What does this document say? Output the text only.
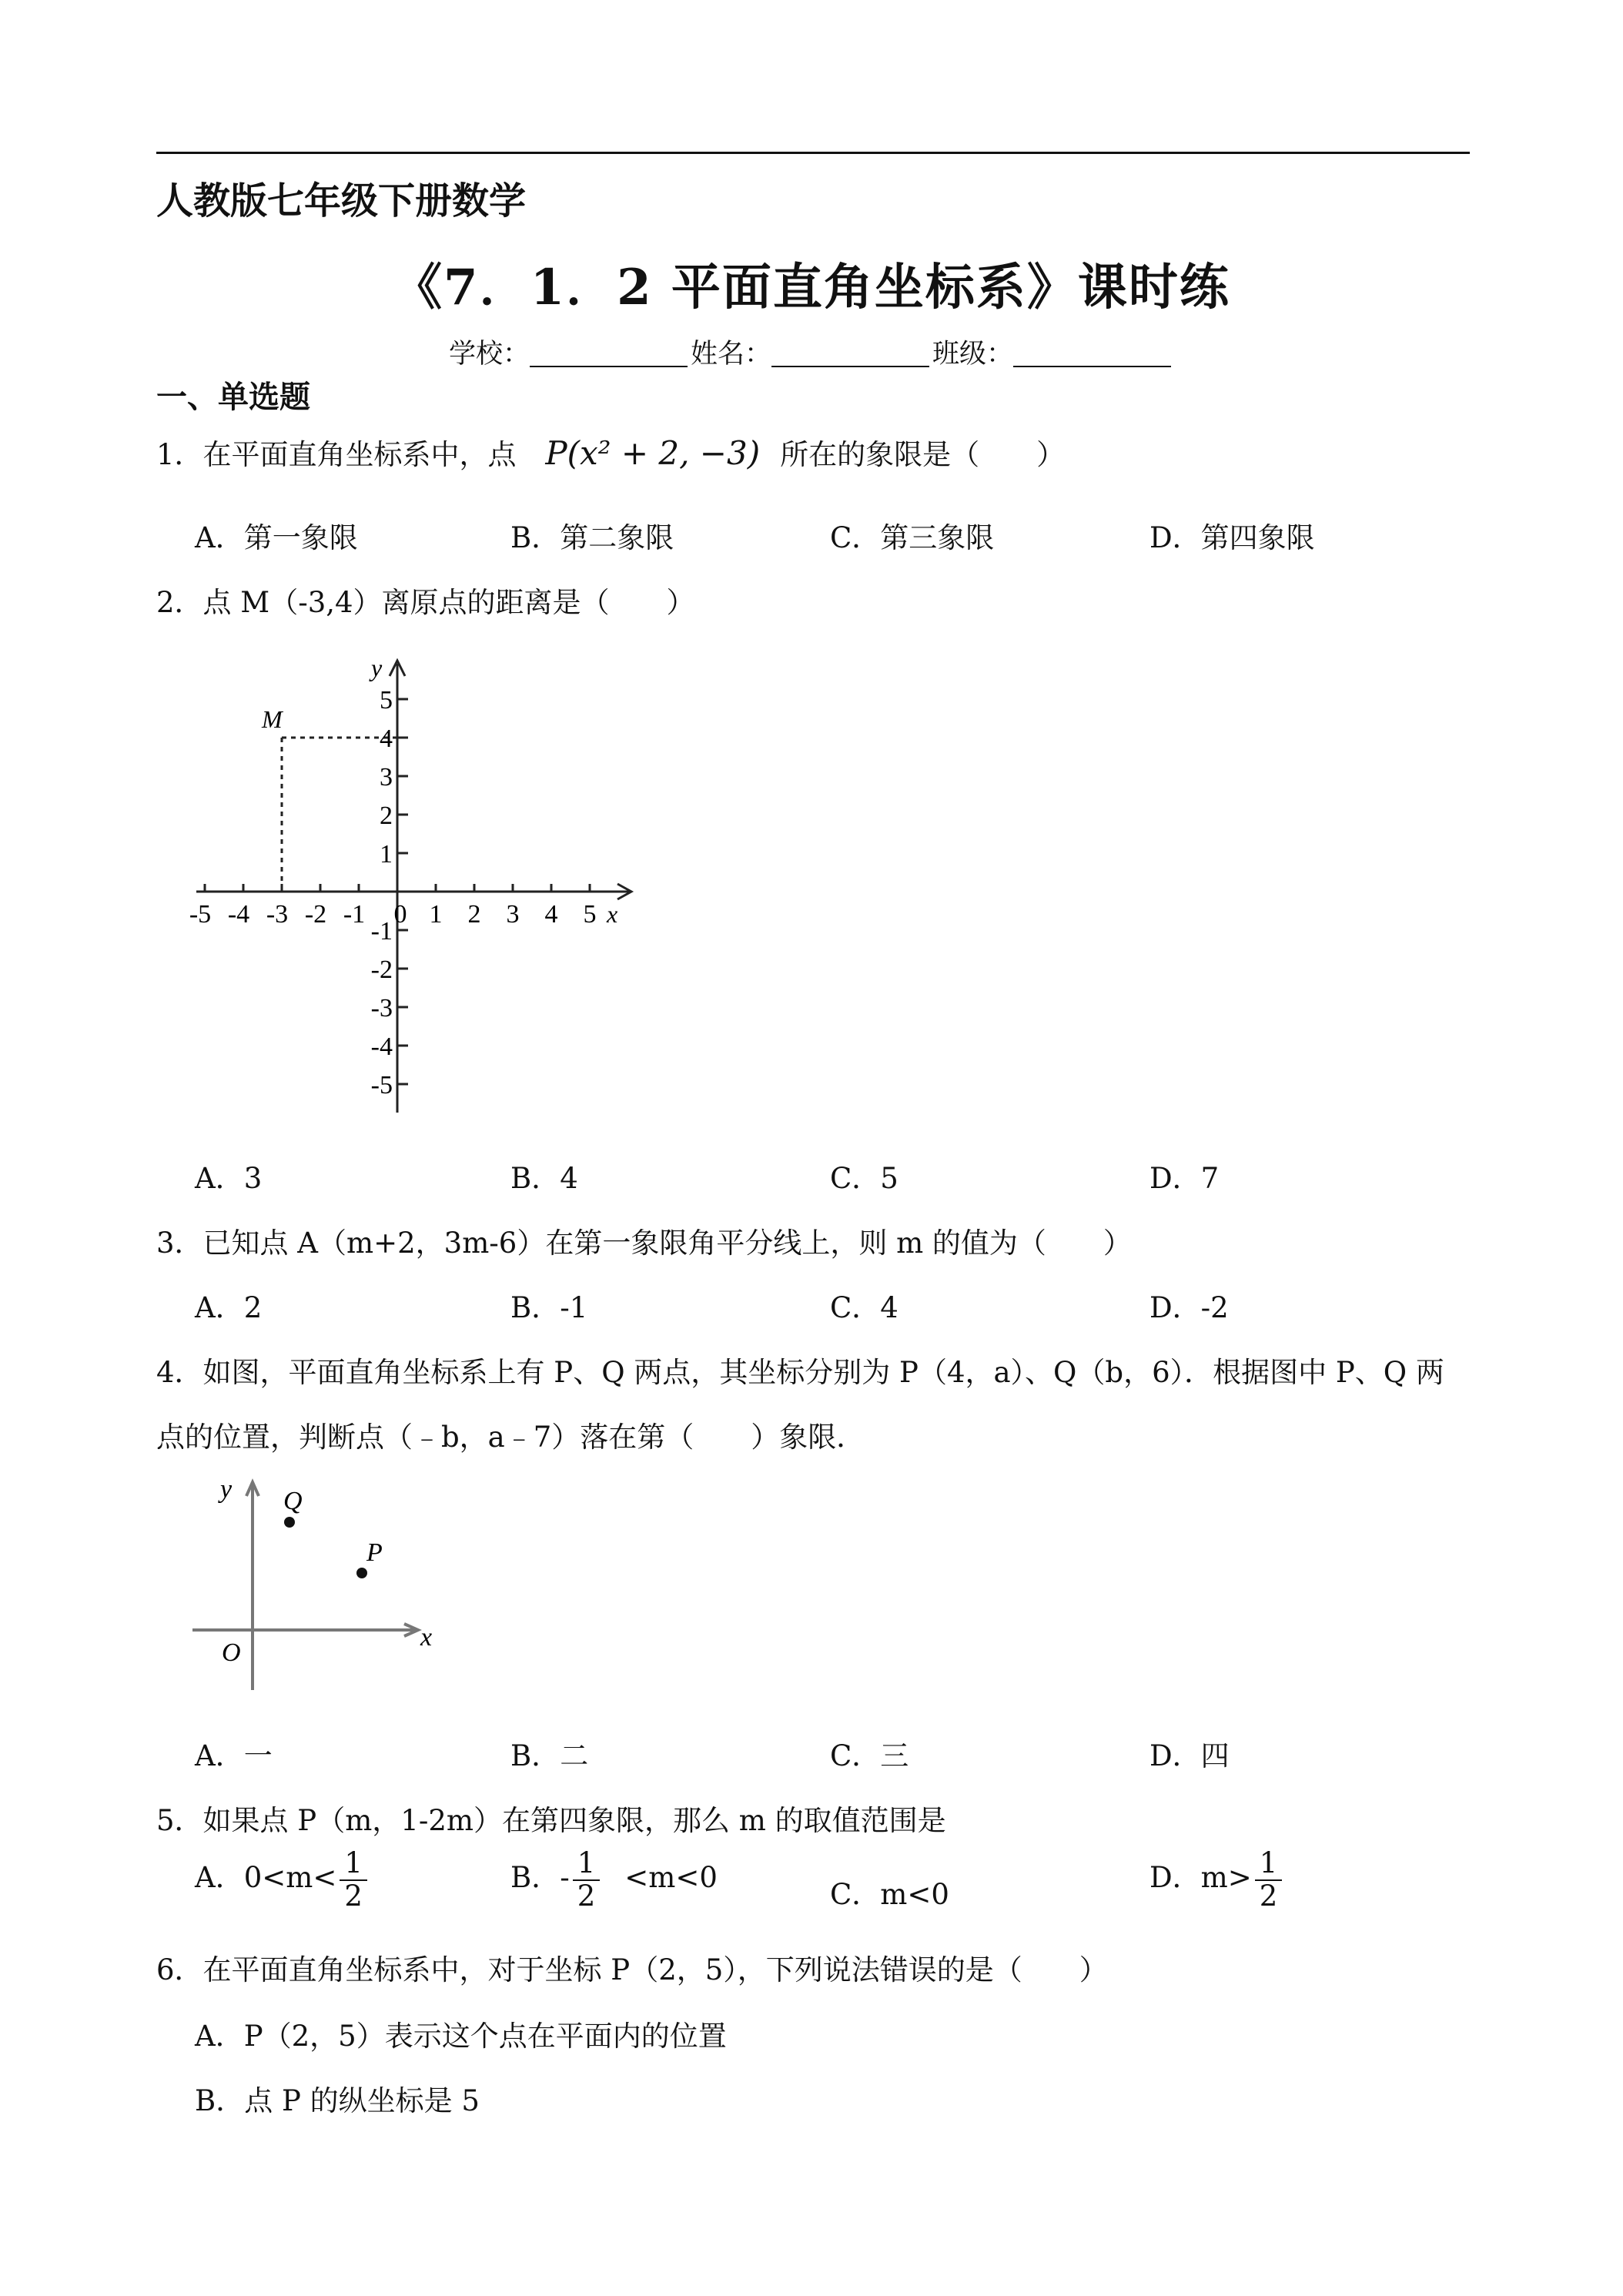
人教版七年级下册数学
《7．1．2 平面直角坐标系》课时练
学校：	姓名：	班级：
一、单选题
1．在平面直角坐标系中，点 P(x² + 2, −3) 所在的象限是（　　）
A．第一象限	B．第二象限	C．第三象限	D．第四象限
2．点 M（-3,4）离原点的距离是（　　）
M
y
x
-5 -4 -3 -2 -1 0 1 2 3 4 5
5
4
3
2
1
-1
-2
-3
-4
-5
A．3	B．4	C．5	D．7
3．已知点 A（m+2，3m-6）在第一象限角平分线上，则 m 的值为（　　）
A．2	B．-1	C．4	D．-2
4．如图，平面直角坐标系上有 P、Q 两点，其坐标分别为 P（4，a）、Q（b，6）．根据图中 P、Q 两
点的位置，判断点（﹣b，a﹣7）落在第（　　）象限．
Q
P
O
x
y
A．一	B．二	C．三	D．四
5．如果点 P（m，1-2m）在第四象限，那么 m 的取值范围是
A．$0<m< \frac{1}{2}$	B．- $\frac{1}{2} <m<0$
C．m<0
D．$m> \frac{1}{2}$
6．在平面直角坐标系中，对于坐标 P（2，5），下列说法错误的是（　　）
A．P（2，5）表示这个点在平面内的位置
B．点 P 的纵坐标是 5
